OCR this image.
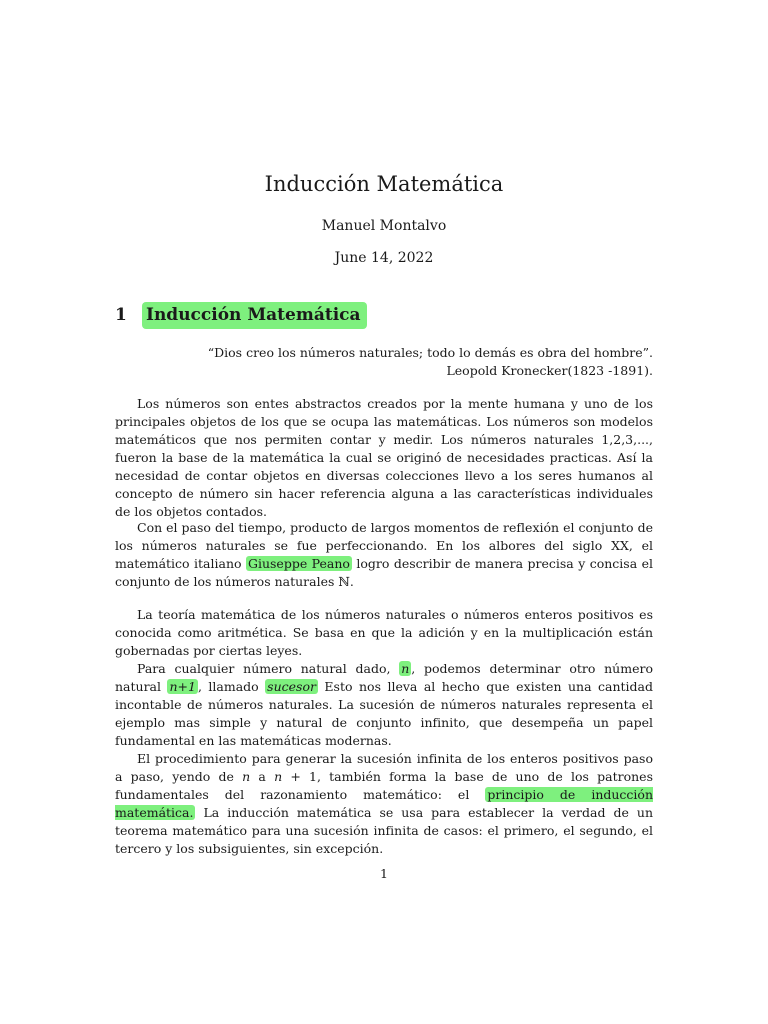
Inducción Matemática
Manuel Montalvo
June 14, 2022
1 Inducción Matemática
“Dios creo los números naturales; todo lo demás es obra del hombre”.
Leopold Kronecker(1823 -1891).

Los números son entes abstractos creados por la mente humana y uno de los principales objetos de los que se ocupa las matemáticas. Los números son modelos matemáticos que nos permiten contar y medir. Los números naturales 1,2,3,..., fueron la base de la matemática la cual se originó de necesidades practicas. Así la necesidad de contar objetos en diversas colecciones llevo a los seres humanos al concepto de número sin hacer referencia alguna a las características individuales de los objetos contados.

Con el paso del tiempo, producto de largos momentos de reflexión el conjunto de los números naturales se fue perfeccionando. En los albores del siglo XX, el matemático italiano Giuseppe Peano logro describir de manera precisa y concisa el conjunto de los números naturales ℕ.

La teoría matemática de los números naturales o números enteros positivos es conocida como aritmética. Se basa en que la adición y en la multiplicación están gobernadas por ciertas leyes.

Para cualquier número natural dado, n , podemos determinar otro número natural n+1 , llamado sucesor Esto nos lleva al hecho que existen una cantidad incontable de números naturales. La sucesión de números naturales representa el ejemplo mas simple y natural de conjunto infinito, que desempeña un papel fundamental en las matemáticas modernas.

El procedimiento para generar la sucesión infinita de los enteros positivos paso a paso, yendo de n a n + 1, también forma la base de uno de los patrones fundamentales del razonamiento matemático: el principio de inducción matemática. La inducción matemática se usa para establecer la verdad de un teorema matemático para una sucesión infinita de casos: el primero, el segundo, el tercero y los subsiguientes, sin excepción.

1
